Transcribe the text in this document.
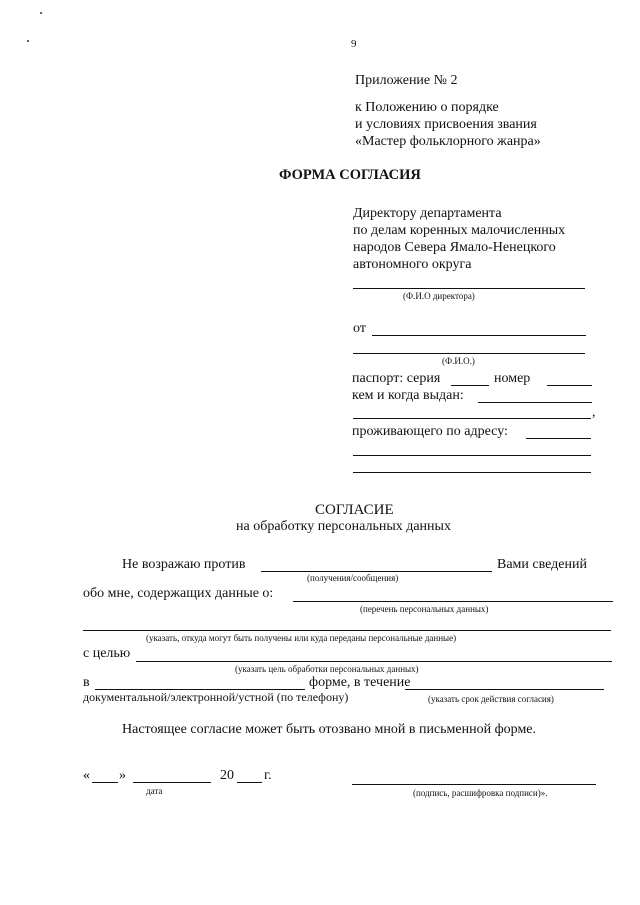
9
Приложение № 2
к Положению о порядке
и условиях присвоения звания
«Мастер фольклорного жанра»
ФОРМА СОГЛАСИЯ
Директору департамента
по делам коренных малочисленных
народов Севера Ямало-Ненецкого
автономного округа
(Ф.И.О директора)
от
(Ф.И.О.)
паспорт: серия	номер
кем и когда выдан:
,
проживающего по адресу:
СОГЛАСИЕ
на обработку персональных данных
Не возражаю против	Вами сведений
(получения/сообщения)
обо мне, содержащих данные о:
(перечень персональных данных)
(указать, откуда могут быть получены или куда переданы персональные данные)
с целью
(указать цель обработки персональных данных)
в	форме, в течение
документальной/электронной/устной (по телефону)	(указать срок действия согласия)
Настоящее согласие может быть отозвано мной в письменной форме.
« »	20 г.
дата	(подпись, расшифровка подписи)».
